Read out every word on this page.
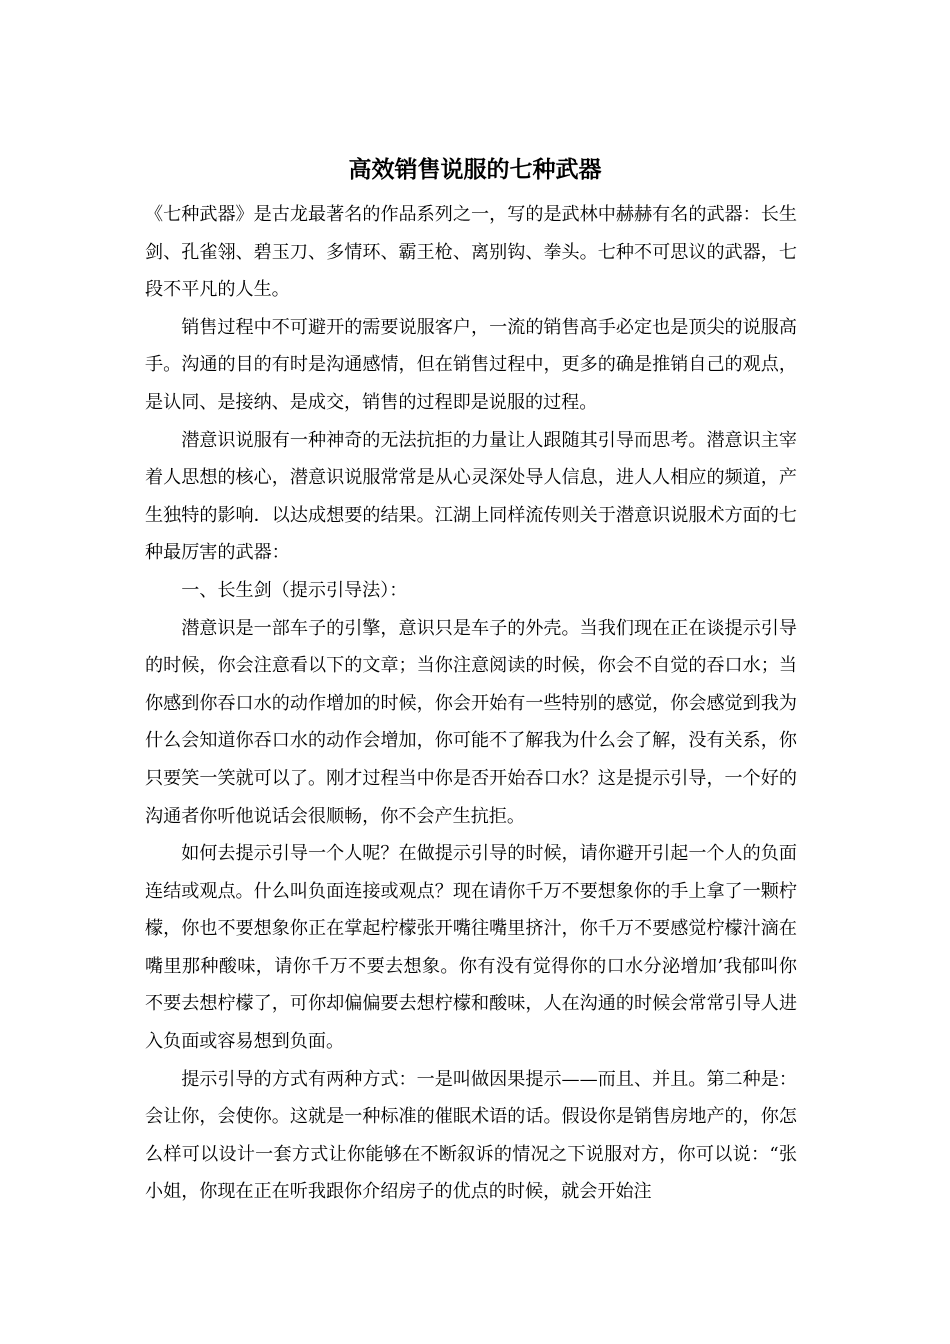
高效销售说服的七种武器

《七种武器》是古龙最著名的作品系列之一，写的是武林中赫赫有名的武器：长生剑、孔雀翎、碧玉刀、多情环、霸王枪、离别钩、拳头。七种不可思议的武器，七段不平凡的人生。

销售过程中不可避开的需要说服客户，一流的销售高手必定也是顶尖的说服高手。沟通的目的有时是沟通感情，但在销售过程中，更多的确是推销自己的观点，是认同、是接纳、是成交，销售的过程即是说服的过程。

潜意识说服有一种神奇的无法抗拒的力量让人跟随其引导而思考。潜意识主宰着人思想的核心，潜意识说服常常是从心灵深处导人信息，进人人相应的频道，产生独特的影响．以达成想要的结果。江湖上同样流传则关于潜意识说服术方面的七种最厉害的武器：

一、长生剑（提示引导法）：

潜意识是一部车子的引擎，意识只是车子的外壳。当我们现在正在谈提示引导的时候，你会注意看以下的文章；当你注意阅读的时候，你会不自觉的吞口水；当你感到你吞口水的动作增加的时候，你会开始有一些特别的感觉，你会感觉到我为什么会知道你吞口水的动作会增加，你可能不了解我为什么会了解，没有关系，你只要笑一笑就可以了。刚才过程当中你是否开始吞口水？这是提示引导，一个好的沟通者你听他说话会很顺畅，你不会产生抗拒。

如何去提示引导一个人呢？在做提示引导的时候，请你避开引起一个人的负面连结或观点。什么叫负面连接或观点？现在请你千万不要想象你的手上拿了一颗柠檬，你也不要想象你正在掌起柠檬张开嘴往嘴里挤汁，你千万不要感觉柠檬汁滴在嘴里那种酸味，请你千万不要去想象。你有没有觉得你的口水分泌增加’我郁叫你不要去想柠檬了，可你却偏偏要去想柠檬和酸味，人在沟通的时候会常常引导人进入负面或容易想到负面。

提示引导的方式有两种方式：一是叫做因果提示——而且、并且。第二种是：会让你，会使你。这就是一种标准的催眠术语的话。假设你是销售房地产的，你怎么样可以设计一套方式让你能够在不断叙诉的情况之下说服对方，你可以说：“张小姐，你现在正在听我跟你介绍房子的优点的时候，就会开始注
